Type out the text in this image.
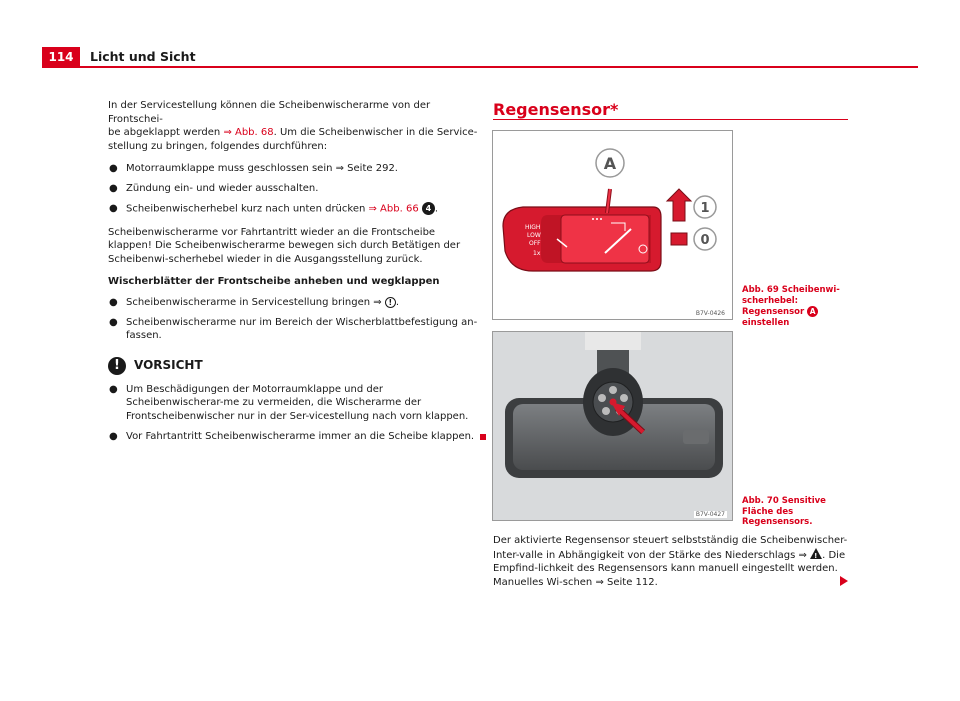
114	Licht und Sicht

In der Servicestellung können die Scheibenwischerarme von der Frontschei-
be abgeklappt werden ⇒ Abb. 68. Um die Scheibenwischer in die Service-
stellung zu bringen, folgendes durchführen:

● Motorraumklappe muss geschlossen sein ⇒ Seite 292.
● Zündung ein- und wieder ausschalten.
● Scheibenwischerhebel kurz nach unten drücken ⇒ Abb. 66 4 .

Scheibenwischerarme vor Fahrtantritt wieder an die Frontscheibe klappen! Die Scheibenwischerarme bewegen sich durch Betätigen der Scheibenwi-scherhebel wieder in die Ausgangsstellung zurück.

Wischerblätter der Frontscheibe anheben und wegklappen
● Scheibenwischerarme in Servicestellung bringen ⇒ ! .
● Scheibenwischerarme nur im Bereich der Wischerblattbefestigung an-fassen.
!	VORSICHT
● Um Beschädigungen der Motorraumklappe und der Scheibenwischerar-me zu vermeiden, die Wischerarme der Frontscheibenwischer nur in der Ser-vicestellung nach vorn klappen.
● Vor Fahrtantritt Scheibenwischerarme immer an die Scheibe klappen.
Regensensor*
HIGH
LOW
OFF
1x
A
1
0
B7V-0426
Abb. 69 Scheibenwi-scherhebel: Regensensor A einstellen
B7V-0427
Abb. 70 Sensitive Fläche des Regensensors.
Der aktivierte Regensensor steuert selbstständig die Scheibenwischer-Inter-valle in Abhängigkeit von der Stärke des Niederschlags ⇒ !. Die Empfind-lichkeit des Regensensors kann manuell eingestellt werden. Manuelles Wi-schen ⇒ Seite 112.
